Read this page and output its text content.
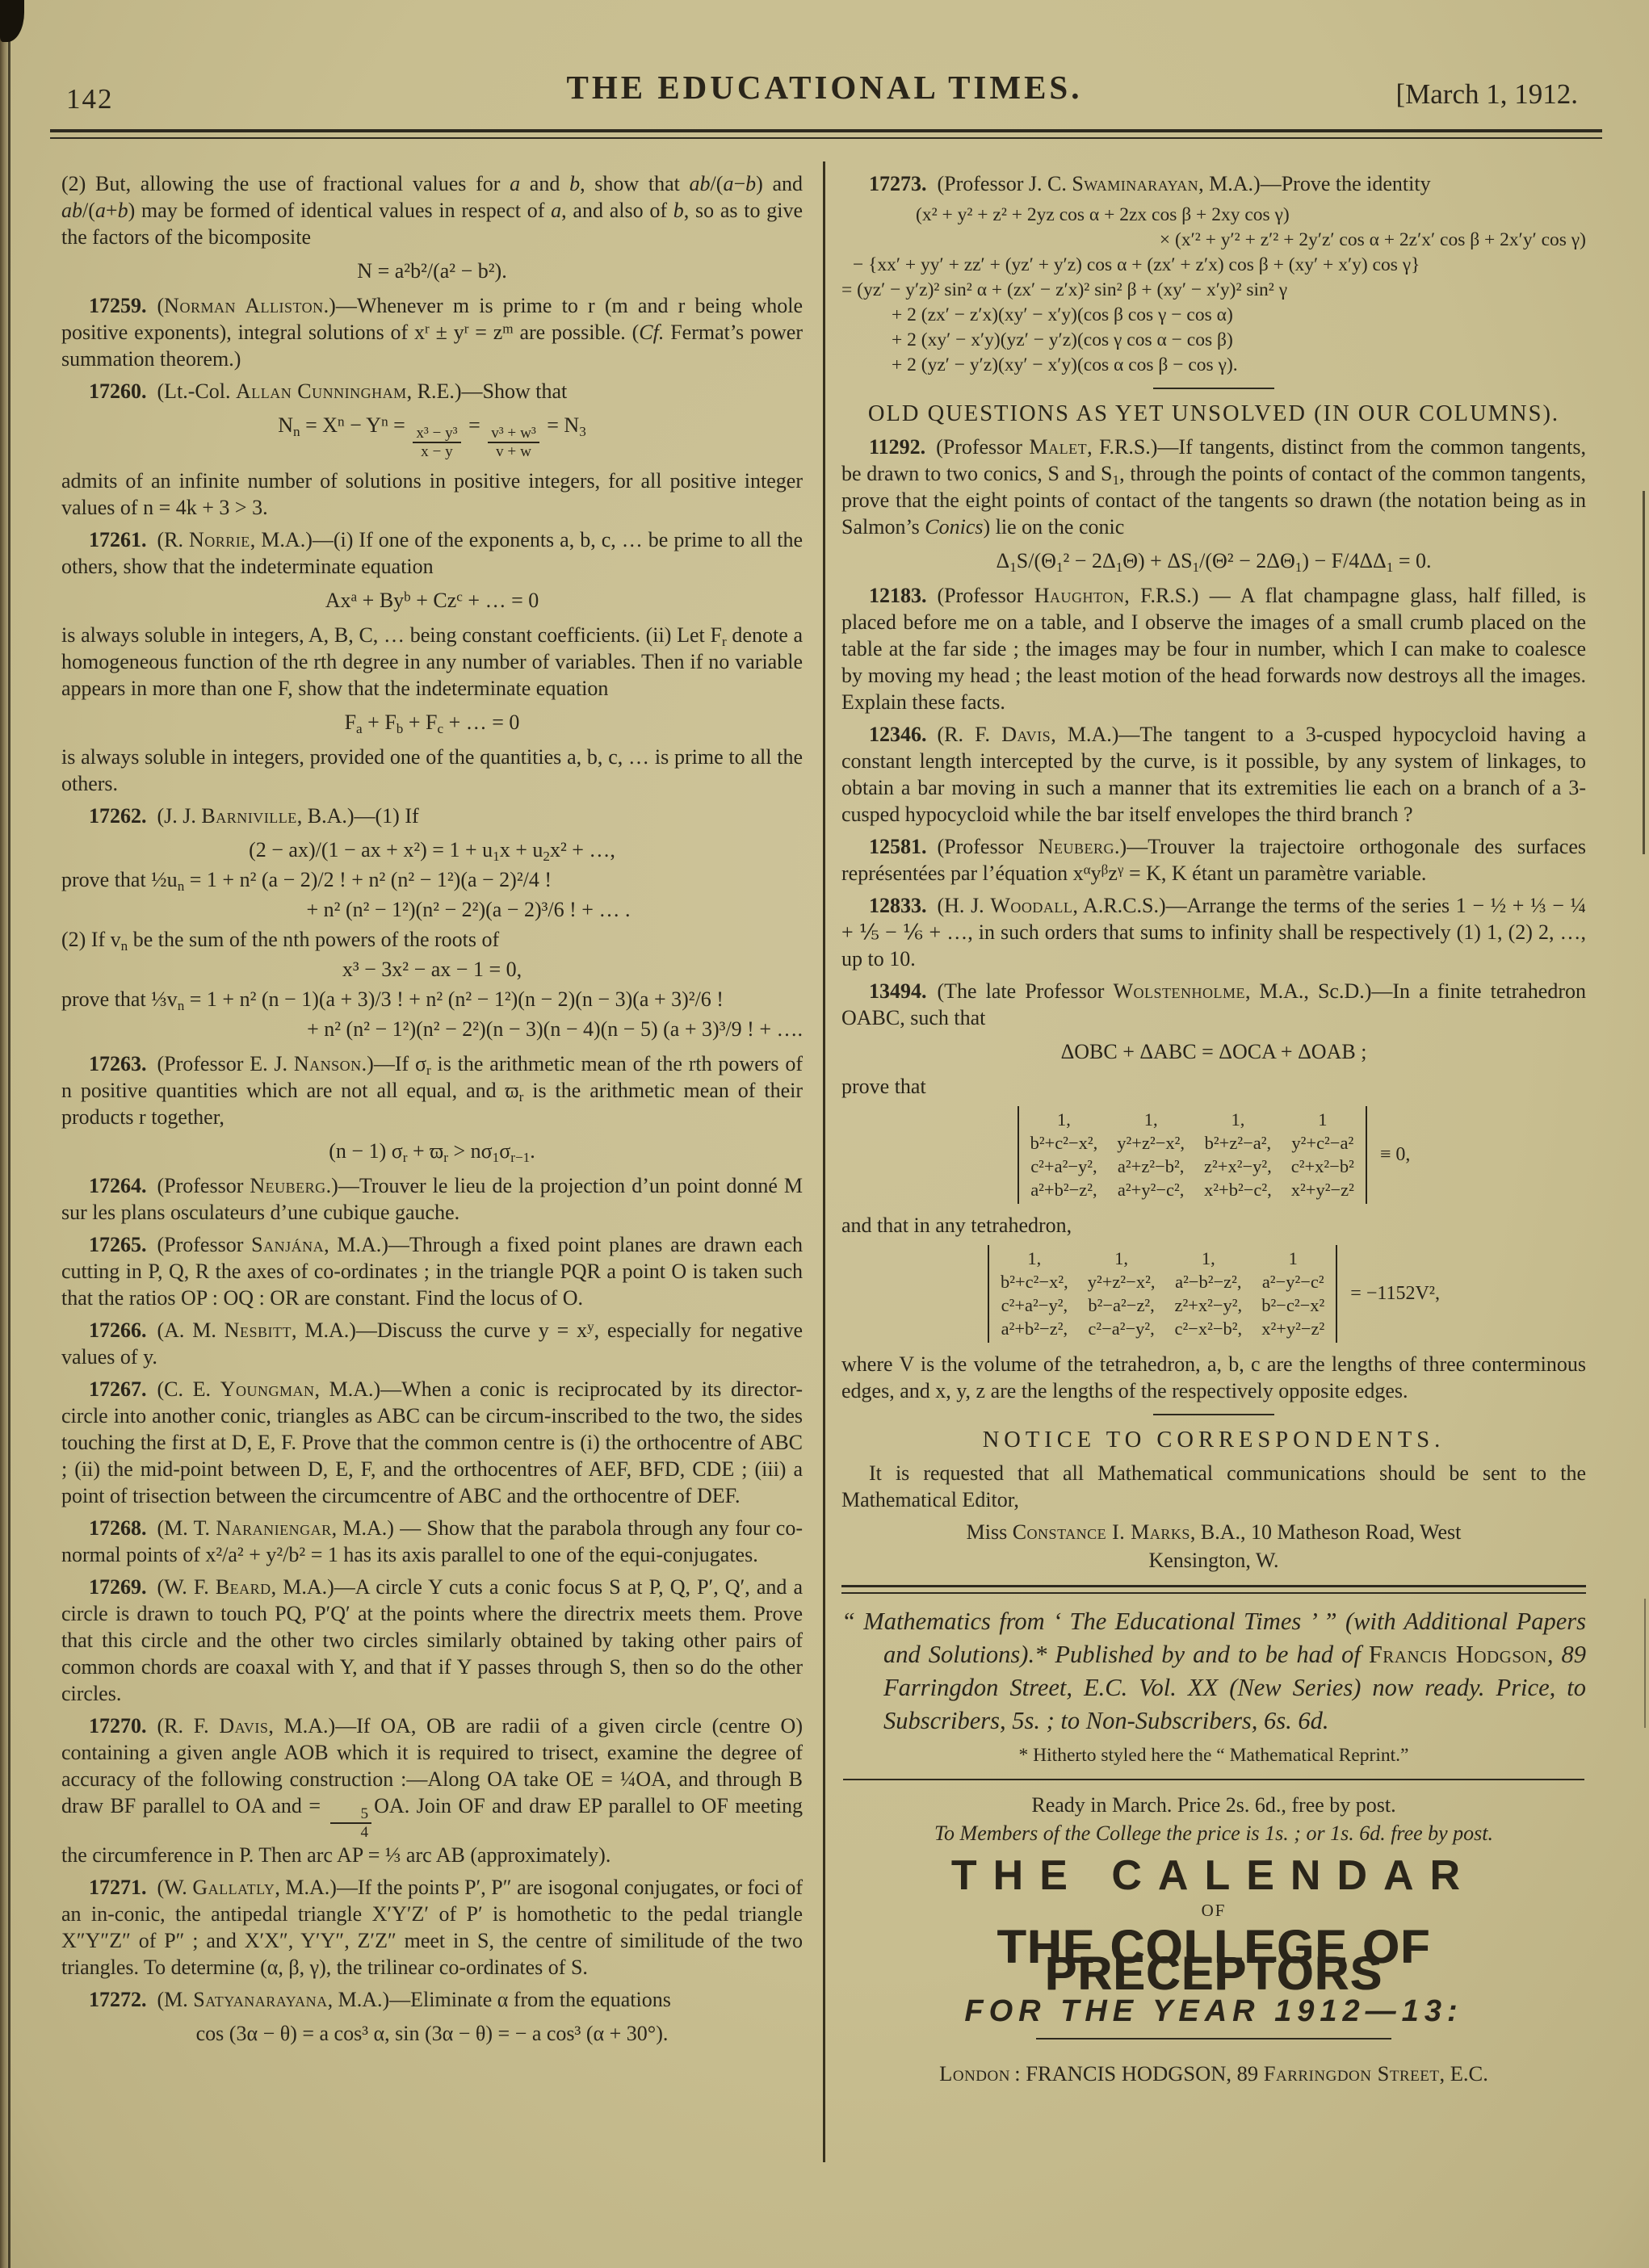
142	THE EDUCATIONAL TIMES.	[March 1, 1912.

(2) But, allowing the use of fractional values for a and b, show that ab/(a−b) and ab/(a+b) may be formed of identical values in respect of a, and also of b, so as to give the factors of the bicomposite

N = a²b²/(a² − b²).

17259. (Norman Alliston.)—Whenever m is prime to r (m and r being whole positive exponents), integral solutions of $x^r \pm y^r = z^m$ are possible. (Cf. Fermat’s power summation theorem.)

17260. (Lt.-Col. Allan Cunningham, R.E.)—Show that

$N_n = X^n - Y^n = \frac{\text{x³ − y³}}{x - y} = \frac{\text{v³ + w³}}{v + w} = N_3$

admits of an infinite number of solutions in positive integers, for all positive integer values of n = 4k + 3 > 3.

17261. (R. Norrie, M.A.)—(i) If one of the exponents a, b, c, … be prime to all the others, show that the indeterminate equation

$Ax^a + By^b + Cz^c$ + … = 0

is always soluble in integers, A, B, C, … being constant coefficients. (ii) Let $F_r$ denote a homogeneous function of the rth degree in any number of variables. Then if no variable appears in more than one F, show that the indeterminate equation

$F_a + F_b + F_c$ + … = 0

is always soluble in integers, provided one of the quantities a, b, c, … is prime to all the others.

17262. (J. J. Barniville, B.A.)—(1) If

(2 − ax)/(1 − ax + $x^2) = 1 + u_1x + u_2x^2$ + …,
prove that $\frac{1}{2}u_n = 1 + n^2$ (a − 2)/2 ! + n² (n² − 1²)(a − 2)²/4 !
+ n² (n² − 1²)(n² − 2²)(a − 2)³/6 ! + … .
(2) If $v_n$ be the sum of the nth powers of the roots of
x³ − 3x² − ax − 1 = 0,
prove that $\frac{1}{3}v_n = 1 + n^2$ (n − 1)(a + 3)/3 ! + n² (n² − 1²)(n − 2)(n − 3)(a + 3)²/6 !
+ n² (n² − 1²)(n² − 2²)(n − 3)(n − 4)(n − 5) (a + 3)³/9 ! + ….

17263. (Professor E. J. Nanson.)—If $\sigma_r$ is the arithmetic mean of the rth powers of n positive quantities which are not all equal, and $ϖ_r$ is the arithmetic mean of their products r together,

(n − 1) $\sigma_r + ϖ_r > n\sigma_1\sigma_{r-1}$.

17264. (Professor Neuberg.)—Trouver le lieu de la projection d’un point donné M sur les plans osculateurs d’une cubique gauche.

17265. (Professor Sanjána, M.A.)—Through a fixed point planes are drawn each cutting in P, Q, R the axes of co-ordinates ; in the triangle PQR a point O is taken such that the ratios OP : OQ : OR are constant. Find the locus of O.

17266. (A. M. Nesbitt, M.A.)—Discuss the curve $y = x^y$, especially for negative values of y.

17267. (C. E. Youngman, M.A.)—When a conic is reciprocated by its director-circle into another conic, triangles as ABC can be circum-inscribed to the two, the sides touching the first at D, E, F. Prove that the common centre is (i) the orthocentre of ABC ; (ii) the mid-point between D, E, F, and the orthocentres of AEF, BFD, CDE ; (iii) a point of trisection between the circumcentre of ABC and the orthocentre of DEF.

17268. (M. T. Naraniengar, M.A.) — Show that the parabola through any four co-normal points of x²/a² + y²/b² = 1 has its axis parallel to one of the equi-conjugates.

17269. (W. F. Beard, M.A.)—A circle Y cuts a conic focus S at P, Q, P′, Q′, and a circle is drawn to touch PQ, P′Q′ at the points where the directrix meets them. Prove that this circle and the other two circles similarly obtained by taking other pairs of common chords are coaxal with Y, and that if Y passes through S, then so do the other circles.

17270. (R. F. Davis, M.A.)—If OA, OB are radii of a given circle (centre O) containing a given angle AOB which it is required to trisect, examine the degree of accuracy of the following construction :—Along OA take OE = ¼OA, and through B draw BF parallel to OA and = $\frac{5}{4}$ OA. Join OF and draw EP parallel to OF meeting the circumference in P. Then arc AP = ⅓ arc AB (approximately).

17271. (W. Gallatly, M.A.)—If the points P′, P″ are isogonal conjugates, or foci of an in-conic, the antipedal triangle X′Y′Z′ of P′ is homothetic to the pedal triangle X″Y″Z″ of P″ ; and X′X″, Y′Y″, Z′Z″ meet in S, the centre of similitude of the two triangles. To determine (α, β, γ), the trilinear co-ordinates of S.

17272. (M. Satyanarayana, M.A.)—Eliminate α from the equations

cos (3α − θ) = a cos³ α, sin (3α − θ) = − a cos³ (α + 30°).

17273. (Professor J. C. Swaminarayan, M.A.)—Prove the identity

(x² + y² + z² + 2yz cos α + 2zx cos β + 2xy cos γ)
× (x′² + y′² + z′² + 2y′z′ cos α + 2z′x′ cos β + 2x′y′ cos γ)
− {xx′ + yy′ + zz′ + (yz′ + y′z) cos α + (zx′ + z′x) cos β + (xy′ + x′y) cos γ}
= (yz′ − y′z)² sin² α + (zx′ − z′x)² sin² β + (xy′ − x′y)² sin² γ
+ 2 (zx′ − z′x)(xy′ − x′y)(cos β cos γ − cos α)
+ 2 (xy′ − x′y)(yz′ − y′z)(cos γ cos α − cos β)
+ 2 (yz′ − y′z)(xy′ − x′y)(cos α cos β − cos γ).
OLD QUESTIONS AS YET UNSOLVED (IN OUR COLUMNS).

11292. (Professor Malet, F.R.S.)—If tangents, distinct from the common tangents, be drawn to two conics, S and $S_1$, through the points of contact of the common tangents, prove that the eight points of contact of the tangents so drawn (the notation being as in Salmon’s Conics) lie on the conic

$\Delta_1S/(\Theta_1^2 - 2\Delta_1\Theta) + \Delta S_1/(\Theta^2 - 2\Delta\Theta_1) - F/4\Delta\Delta_1 = 0$.

12183. (Professor Haughton, F.R.S.) — A flat champagne glass, half filled, is placed before me on a table, and I observe the images of a small crumb placed on the table at the far side ; the images may be four in number, which I can make to coalesce by moving my head ; the least motion of the head forwards now destroys all the images. Explain these facts.

12346. (R. F. Davis, M.A.)—The tangent to a 3-cusped hypocycloid having a constant length intercepted by the curve, is it possible, by any system of linkages, to obtain a bar moving in such a manner that its extremities lie each on a branch of a 3-cusped hypocycloid while the bar itself envelopes the third branch ?

12581. (Professor Neuberg.)—Trouver la trajectoire orthogonale des surfaces représentées par l’équation $x^\alpha y^\beta z^\gamma = K$, K étant un paramètre variable.

12833. (H. J. Woodall, A.R.C.S.)—Arrange the terms of the series 1 − ½ + ⅓ − ¼ + ⅕ − ⅙ + …, in such orders that sums to infinity shall be respectively (1) 1, (2) 2, …, up to 10.

13494. (The late Professor Wolstenholme, M.A., Sc.D.)—In a finite tetrahedron OABC, such that

ΔOBC + ΔABC = ΔOCA + ΔOAB ;

prove that

1,	1,	1,	1
b²+c²−x², y²+z²−x², b²+z²−a², y²+c²−a²
c²+a²−y², a²+z²−b², z²+x²−y², c²+x²−b²
a²+b²−z², a²+y²−c², x²+b²−c², x²+y²−z²
≡ 0,

and that in any tetrahedron,

1,	1,	1,	1
b²+c²−x², y²+z²−x², a²−b²−z², a²−y²−c²
c²+a²−y², b²−a²−z², z²+x²−y², b²−c²−x²
a²+b²−z², c²−a²−y², c²−x²−b², x²+y²−z²
= −1152V²,

where V is the volume of the tetrahedron, a, b, c are the lengths of three conterminous edges, and x, y, z are the lengths of the respectively opposite edges.

NOTICE TO CORRESPONDENTS.

It is requested that all Mathematical communications should be sent to the Mathematical Editor,

Miss Constance I. Marks, B.A., 10 Matheson Road, West
Kensington, W.

“ Mathematics from ‘ The Educational Times ’ ” (with Additional Papers and Solutions).* Published by and to be had of Francis Hodgson, 89 Farringdon Street, E.C. Vol. XX (New Series) now ready. Price, to Subscribers, 5s. ; to Non-Subscribers, 6s. 6d.

* Hitherto styled here the “ Mathematical Reprint.”
Ready in March. Price 2s. 6d., free by post.
To Members of the College the price is 1s. ; or 1s. 6d. free by post.
THE CALENDAR
OF
THE COLLEGE OF PRECEPTORS
FOR THE YEAR 1912—13:
London : FRANCIS HODGSON, 89 Farringdon Street, E.C.
